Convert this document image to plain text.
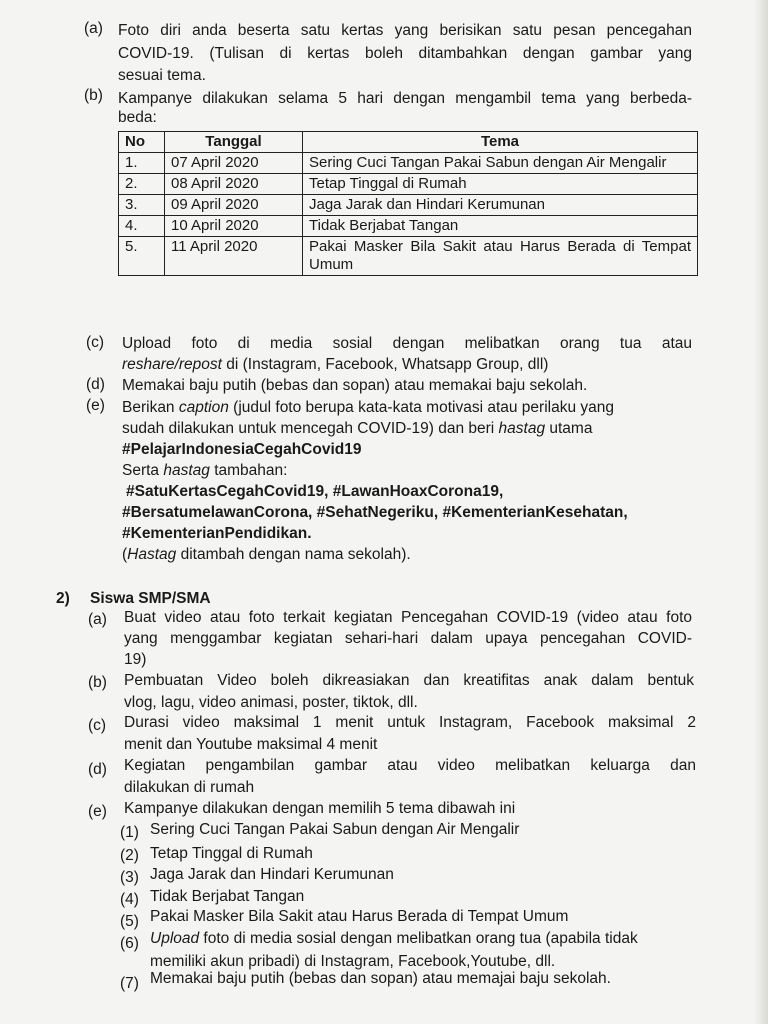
(a) Foto diri anda beserta satu kertas yang berisikan satu pesan pencegahan
COVID-19. (Tulisan di kertas boleh ditambahkan dengan gambar yang
sesuai tema.
(b) Kampanye dilakukan selama 5 hari dengan mengambil tema yang berbeda-
beda:
No	Tanggal	Tema
1.	07 April 2020	Sering Cuci Tangan Pakai Sabun dengan Air Mengalir
2.	08 April 2020	Tetap Tinggal di Rumah
3.	09 April 2020	Jaga Jarak dan Hindari Kerumunan
4.	10 April 2020	Tidak Berjabat Tangan
5.	11 April 2020	Pakai Masker Bila Sakit atau Harus Berada di Tempat Umum
(c) Upload foto di media sosial dengan melibatkan orang tua atau
reshare/repost di (Instagram, Facebook, Whatsapp Group, dll)
(d) Memakai baju putih (bebas dan sopan) atau memakai baju sekolah.
(e) Berikan caption (judul foto berupa kata-kata motivasi atau perilaku yang
sudah dilakukan untuk mencegah COVID-19) dan beri hastag utama
#PelajarIndonesiaCegahCovid19
Serta hastag tambahan:
#SatuKertasCegahCovid19, #LawanHoaxCorona19,
#BersatumelawanCorona, #SehatNegeriku, #KementerianKesehatan,
#KementerianPendidikan.
(Hastag ditambah dengan nama sekolah).
2) Siswa SMP/SMA
(a) Buat video atau foto terkait kegiatan Pencegahan COVID-19 (video atau foto
yang menggambar kegiatan sehari-hari dalam upaya pencegahan COVID-
19)
(b) Pembuatan Video boleh dikreasiakan dan kreatifitas anak dalam bentuk
vlog, lagu, video animasi, poster, tiktok, dll.
(c) Durasi video maksimal 1 menit untuk Instagram, Facebook maksimal 2
menit dan Youtube maksimal 4 menit
(d) Kegiatan pengambilan gambar atau video melibatkan keluarga dan
dilakukan di rumah
(e) Kampanye dilakukan dengan memilih 5 tema dibawah ini
(1) Sering Cuci Tangan Pakai Sabun dengan Air Mengalir
(2) Tetap Tinggal di Rumah
(3) Jaga Jarak dan Hindari Kerumunan
(4) Tidak Berjabat Tangan
(5) Pakai Masker Bila Sakit atau Harus Berada di Tempat Umum
(6) Upload foto di media sosial dengan melibatkan orang tua (apabila tidak
memiliki akun pribadi) di Instagram, Facebook,Youtube, dll.
(7) Memakai baju putih (bebas dan sopan) atau memajai baju sekolah.
